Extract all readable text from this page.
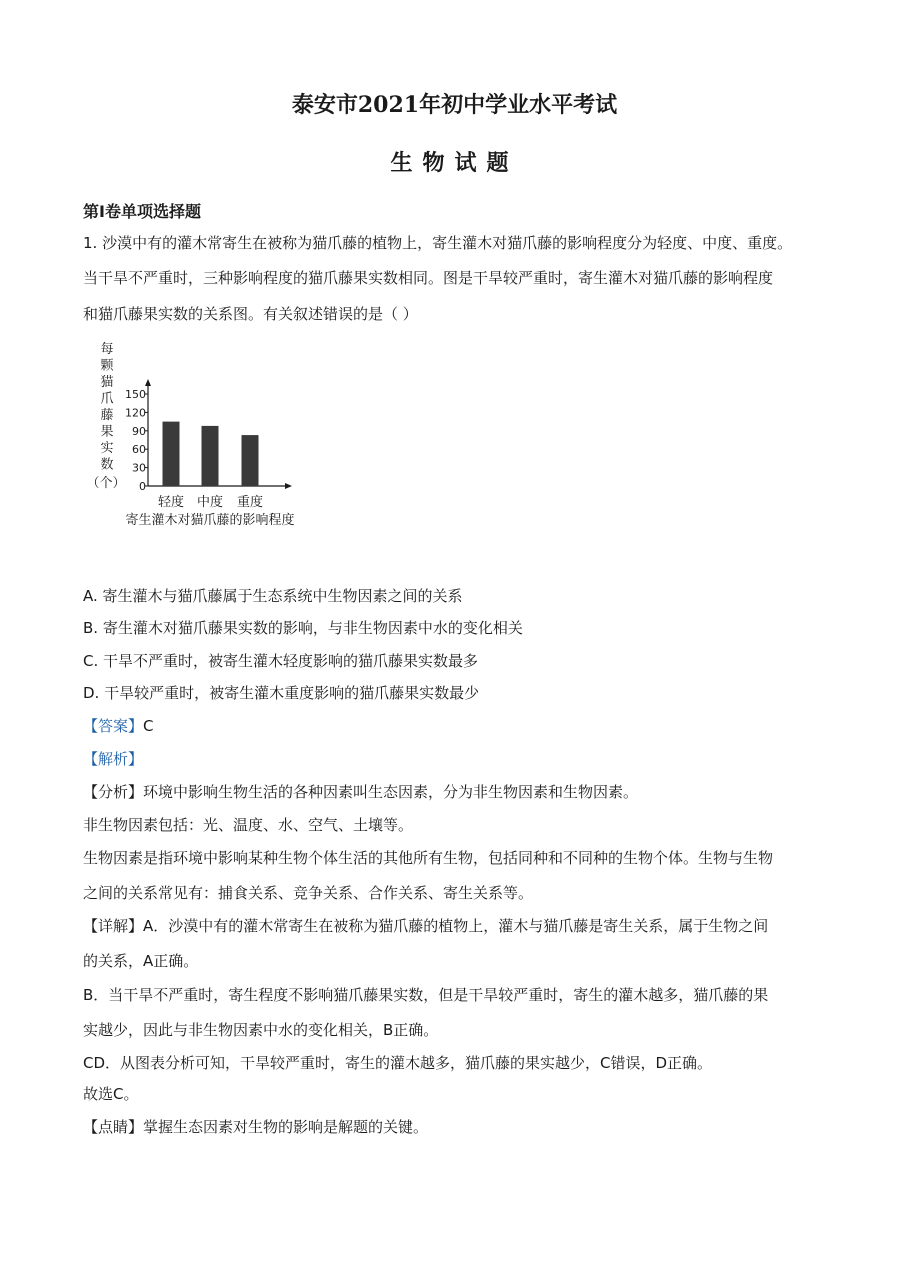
泰安市2021年初中学业水平考试
生物试题
第Ⅰ卷单项选择题
1. 沙漠中有的灌木常寄生在被称为猫爪藤的植物上，寄生灌木对猫爪藤的影响程度分为轻度、中度、重度。
当干旱不严重时，三种影响程度的猫爪藤果实数相同。图是干旱较严重时，寄生灌木对猫爪藤的影响程度
和猫爪藤果实数的关系图。有关叙述错误的是（ ）
每
颗
猫
爪
藤
果
实
数
（个）
150
120
90
60
30
0
轻度 中度 重度
寄生灌木对猫爪藤的影响程度
A. 寄生灌木与猫爪藤属于生态系统中生物因素之间的关系
B. 寄生灌木对猫爪藤果实数的影响，与非生物因素中水的变化相关
C. 干旱不严重时，被寄生灌木轻度影响的猫爪藤果实数最多
D. 干旱较严重时，被寄生灌木重度影响的猫爪藤果实数最少
【答案】C
【解析】
【分析】环境中影响生物生活的各种因素叫生态因素，分为非生物因素和生物因素。
非生物因素包括：光、温度、水、空气、土壤等。
生物因素是指环境中影响某种生物个体生活的其他所有生物，包括同种和不同种的生物个体。生物与生物
之间的关系常见有：捕食关系、竞争关系、合作关系、寄生关系等。
【详解】A．沙漠中有的灌木常寄生在被称为猫爪藤的植物上，灌木与猫爪藤是寄生关系，属于生物之间
的关系，A正确。
B．当干旱不严重时，寄生程度不影响猫爪藤果实数，但是干旱较严重时，寄生的灌木越多，猫爪藤的果
实越少，因此与非生物因素中水的变化相关，B正确。
CD．从图表分析可知，干旱较严重时，寄生的灌木越多，猫爪藤的果实越少，C错误，D正确。
故选C。
【点睛】掌握生态因素对生物的影响是解题的关键。
